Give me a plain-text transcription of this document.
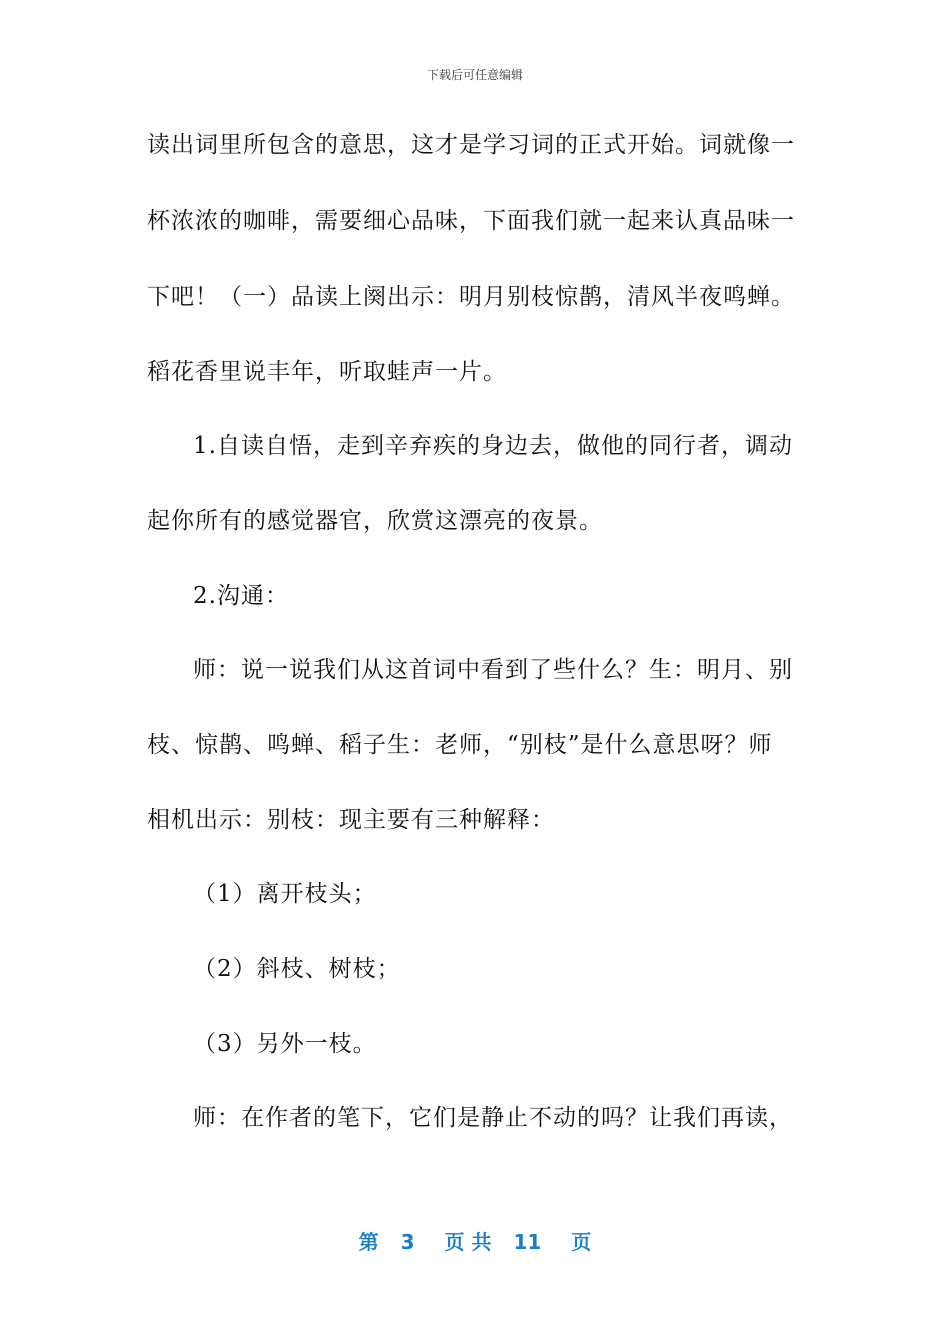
下载后可任意编辑
读出词里所包含的意思，这才是学习词的正式开始。词就像一
杯浓浓的咖啡，需要细心品味，下面我们就一起来认真品味一
下吧！（一）品读上阕出示：明月别枝惊鹊，清风半夜鸣蝉。
稻花香里说丰年，听取蛙声一片。
1.自读自悟，走到辛弃疾的身边去，做他的同行者，调动
起你所有的感觉器官，欣赏这漂亮的夜景。
2.沟通：
师：说一说我们从这首词中看到了些什么？生：明月、别
枝、惊鹊、鸣蝉、稻子生：老师，“别枝”是什么意思呀？师
相机出示：别枝：现主要有三种解释：
（1）离开枝头；
（2）斜枝、树枝；
（3）另外一枝。
师：在作者的笔下，它们是静止不动的吗？让我们再读，
第 3 页 共 11 页
